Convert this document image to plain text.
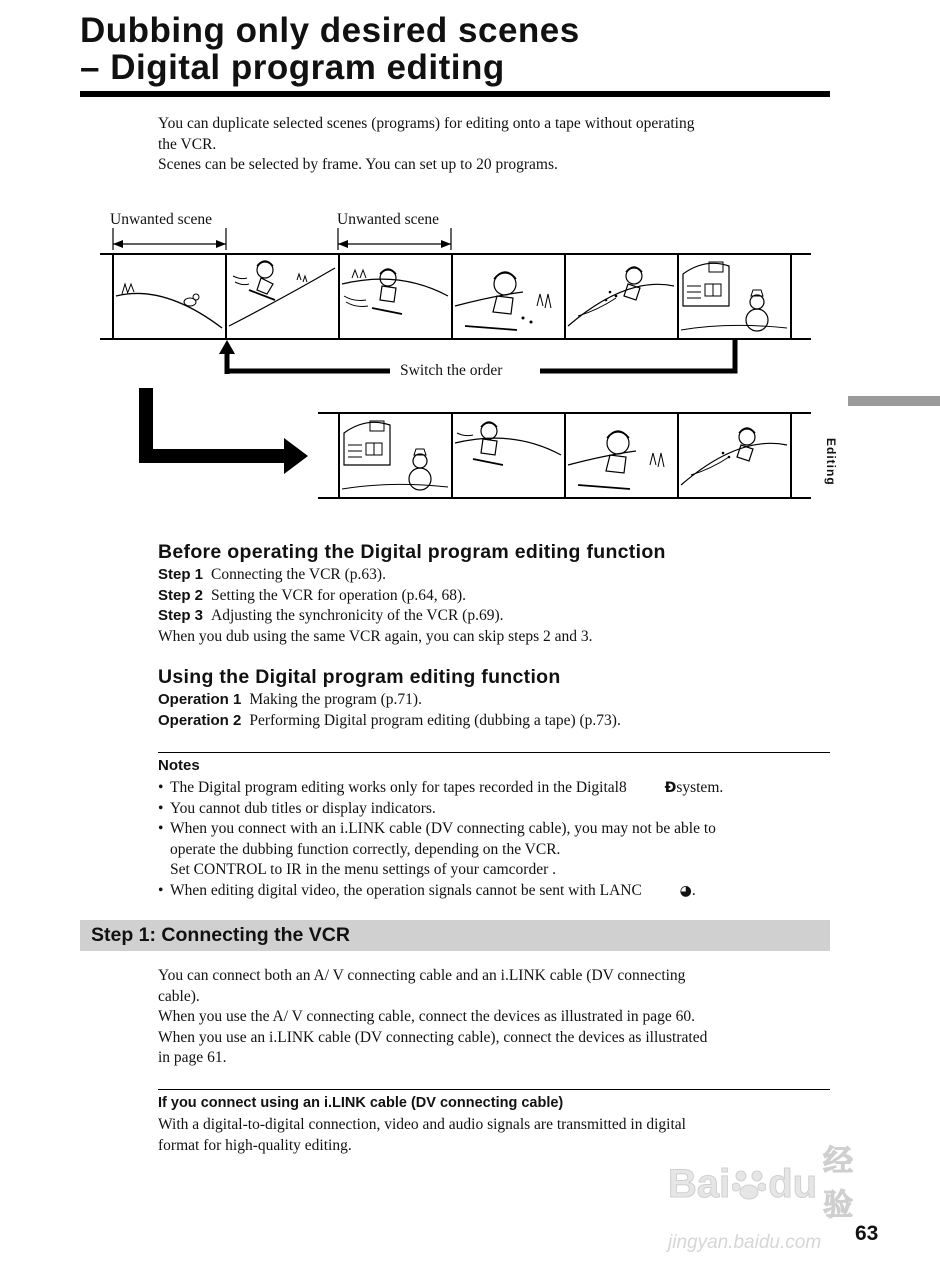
Dubbing only desired scenes
– Digital program editing
You can duplicate selected scenes (programs) for editing onto a tape without operating
the VCR.
Scenes can be selected by frame. You can set up to 20 programs.
Unwanted scene	Unwanted scene
Switch the order
Before operating the Digital program editing function
Step 1 Connecting the VCR (p.63).
Step 2 Setting the VCR for operation (p.64, 68).
Step 3 Adjusting the synchronicity of the VCR (p.69).
When you dub using the same VCR again, you can skip steps 2 and 3.
Using the Digital program editing function
Operation 1 Making the program (p.71).
Operation 2 Performing Digital program editing (dubbing a tape) (p.73).
Notes
• The Digital program editing works only for tapes recorded in the Digital8	Ðsystem.
• You cannot dub titles or display indicators.
• When you connect with an i.LINK cable (DV connecting cable), you may not be able to
operate the dubbing function correctly, depending on the VCR.
Set CONTROL to IR in the menu settings of your camcorder .
• When editing digital video, the operation signals cannot be sent with LANC	◕.
Step 1: Connecting the VCR
You can connect both an A/ V connecting cable and an i.LINK cable (DV connecting
cable).
When you use the A/ V connecting cable, connect the devices as illustrated in page 60.
When you use an i.LINK cable (DV connecting cable), connect the devices as illustrated
in page 61.
If you connect using an i.LINK cable (DV connecting cable)
With a digital-to-digital connection, video and audio signals are transmitted in digital
format for high-quality editing.
Editing
Bai du
经验
jingyan.baidu.com	63
